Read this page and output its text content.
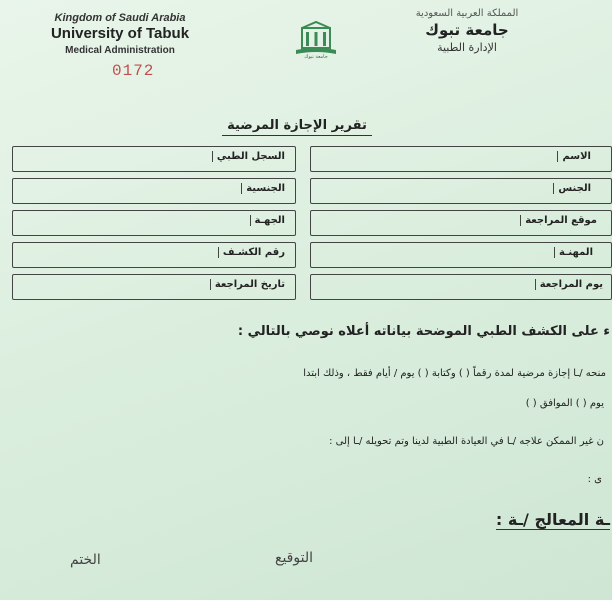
Kingdom of Saudi Arabia
University of Tabuk
Medical Administration
0172
جامعة تبوك
المملكة العربية السعودية
جامعة تبوك
الإدارة الطبية
تقرير الإجازة المرضية
الاسم
الجنس
موقع المراجعة
المهنـة
يوم المراجعة
السجل الطبي
الجنسية
الجهـة
رقم الكشـف
تاريخ المراجعة
ء على الكشف الطبي الموضحة بياناته أعلاه نوصي بالتالي :
منحه /ـا إجازة مرضية لمدة رقماً ( ) وكتابة ( ) يوم / أيام فقط ، وذلك ابتدا
يوم ( ) الموافق ( )
ن غير الممكن علاجه /ـا في العيادة الطبية لدينا وتم تحويله /ـا إلى :
ى :
ـة المعالج /ـة :
التوقيع
الختم
